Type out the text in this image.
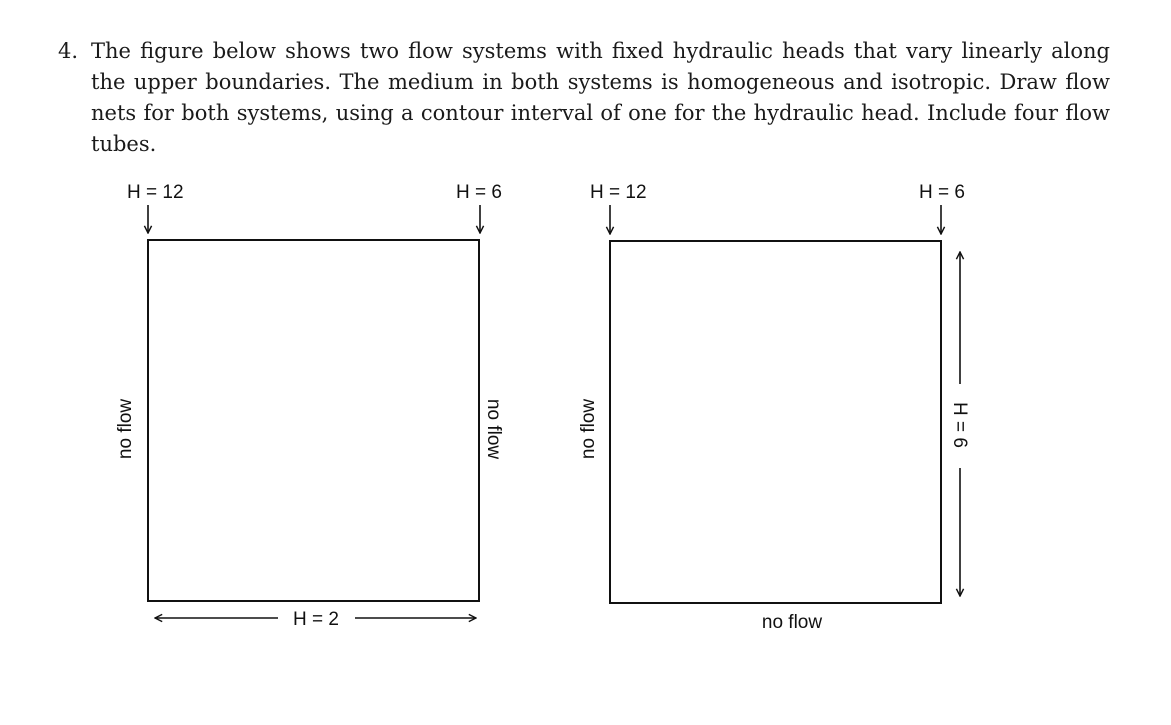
4. The figure below shows two flow systems with fixed hydraulic heads that vary linearly along the upper boundaries. The medium in both systems is homogeneous and isotropic. Draw flow nets for both systems, using a contour interval of one for the hydraulic head. Include four flow tubes.

H = 12	H = 6
no flow	no flow
H = 2
H = 12	H = 6
no flow	H = 6
no flow
